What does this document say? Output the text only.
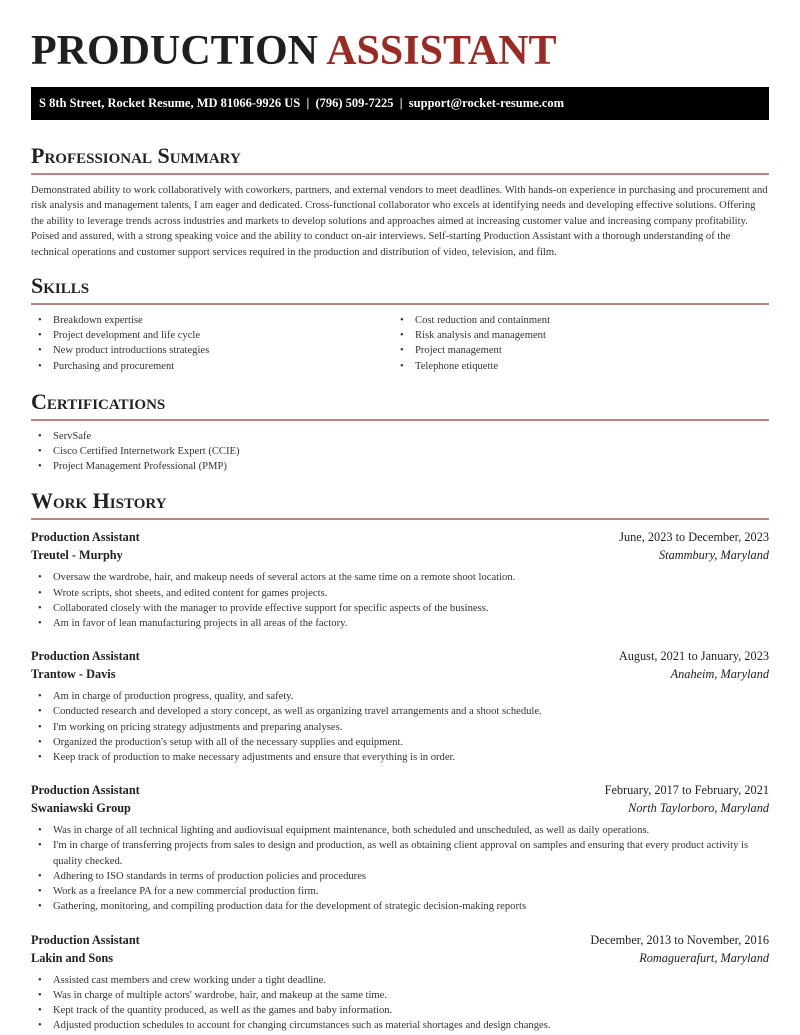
PRODUCTION ASSISTANT
S 8th Street, Rocket Resume, MD 81066-9926 US  |  (796) 509-7225  |  support@rocket-resume.com
Professional Summary

Demonstrated ability to work collaboratively with coworkers, partners, and external vendors to meet deadlines. With hands-on experience in purchasing and procurement and risk analysis and management talents, I am eager and dedicated. Cross-functional collaborator who excels at identifying needs and developing effective solutions. Offering the ability to leverage trends across industries and markets to develop solutions and approaches aimed at increasing customer value and increasing company profitability. Poised and assured, with a strong speaking voice and the ability to conduct on-air interviews. Self-starting Production Assistant with a thorough understanding of the technical operations and customer support services required in the production and distribution of video, television, and film.

Skills
• Breakdown expertise
• Project development and life cycle
• New product introductions strategies
• Purchasing and procurement
• Cost reduction and containment
• Risk analysis and management
• Project management
• Telephone etiquette
Certifications
• ServSafe
• Cisco Certified Internetwork Expert (CCIE)
• Project Management Professional (PMP)
Work History
Production Assistant	June, 2023 to December, 2023
Treutel - Murphy	Stammbury, Maryland
• Oversaw the wardrobe, hair, and makeup needs of several actors at the same time on a remote shoot location.
• Wrote scripts, shot sheets, and edited content for games projects.
• Collaborated closely with the manager to provide effective support for specific aspects of the business.
• Am in favor of lean manufacturing projects in all areas of the factory.
Production Assistant	August, 2021 to January, 2023
Trantow - Davis	Anaheim, Maryland
• Am in charge of production progress, quality, and safety.
• Conducted research and developed a story concept, as well as organizing travel arrangements and a shoot schedule.
• I'm working on pricing strategy adjustments and preparing analyses.
• Organized the production's setup with all of the necessary supplies and equipment.
• Keep track of production to make necessary adjustments and ensure that everything is in order.
Production Assistant	February, 2017 to February, 2021
Swaniawski Group	North Taylorboro, Maryland
• Was in charge of all technical lighting and audiovisual equipment maintenance, both scheduled and unscheduled, as well as daily operations.
• I'm in charge of transferring projects from sales to design and production, as well as obtaining client approval on samples and ensuring that every product activity is quality checked.
• Adhering to ISO standards in terms of production policies and procedures
• Work as a freelance PA for a new commercial production firm.
• Gathering, monitoring, and compiling production data for the development of strategic decision-making reports
Production Assistant	December, 2013 to November, 2016
Lakin and Sons	Romaguerafurt, Maryland
• Assisted cast members and crew working under a tight deadline.
• Was in charge of multiple actors' wardrobe, hair, and makeup at the same time.
• Kept track of the quantity produced, as well as the games and baby information.
• Adjusted production schedules to account for changing circumstances such as material shortages and design changes.
